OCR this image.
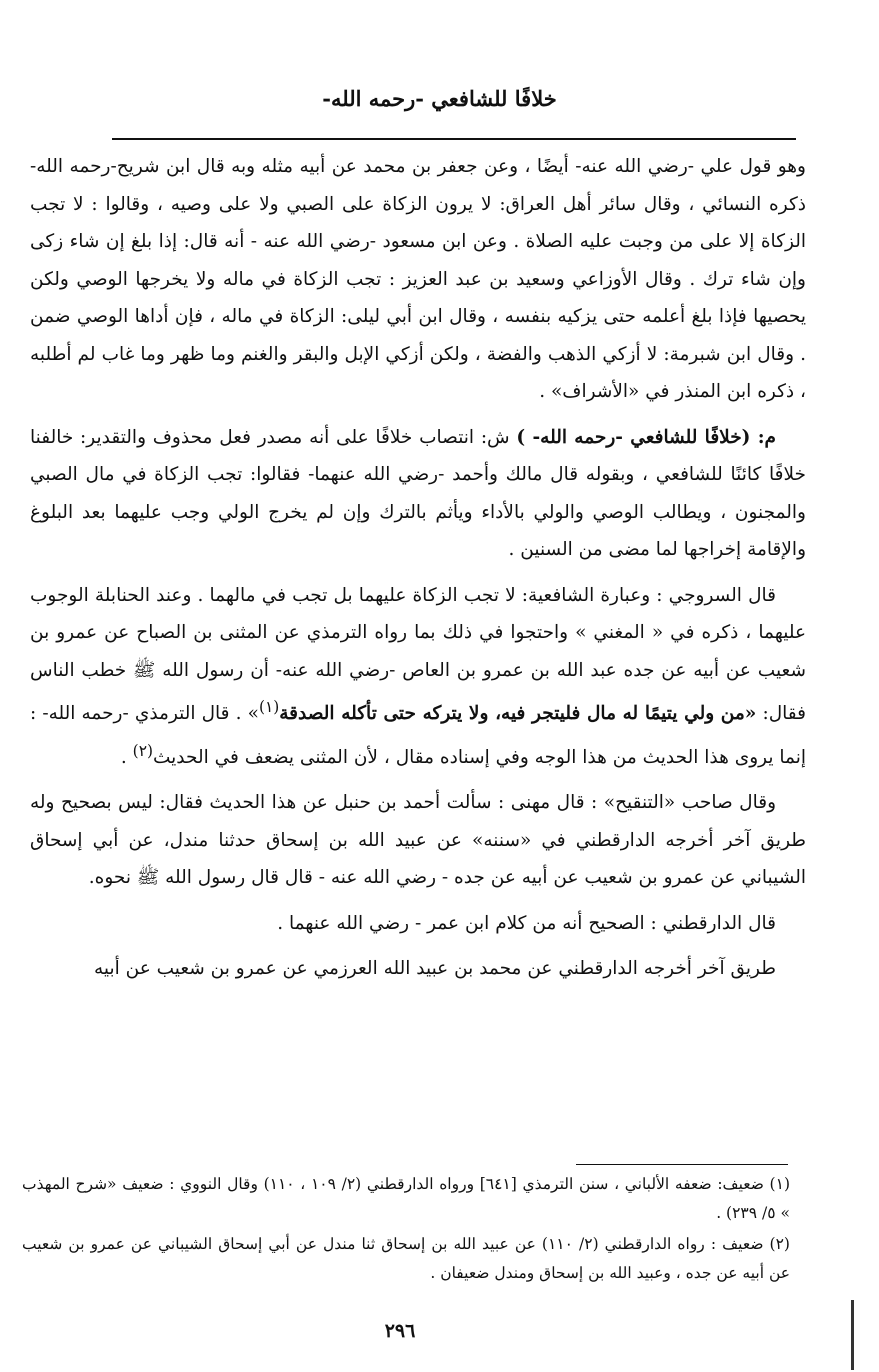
خلافًا للشافعي -رحمه الله-

وهو قول علي -رضي الله عنه- أيضًا ، وعن جعفر بن محمد عن أبيه مثله وبه قال ابن شريح-رحمه الله- ذكره النسائي ، وقال سائر أهل العراق: لا يرون الزكاة على الصبي ولا على وصيه ، وقالوا : لا تجب الزكاة إلا على من وجبت عليه الصلاة . وعن ابن مسعود -رضي الله عنه - أنه قال: إذا بلغ إن شاء زكى وإن شاء ترك . وقال الأوزاعي وسعيد بن عبد العزيز : تجب الزكاة في ماله ولا يخرجها الوصي ولكن يحصيها فإذا بلغ أعلمه حتى يزكيه بنفسه ، وقال ابن أبي ليلى: الزكاة في ماله ، فإن أداها الوصي ضمن . وقال ابن شبرمة: لا أزكي الذهب والفضة ، ولكن أزكي الإبل والبقر والغنم وما ظهر وما غاب لم أطلبه ، ذكره ابن المنذر في «الأشراف» .

م: (خلافًا للشافعي -رحمه الله- ) ش: انتصاب خلافًا على أنه مصدر فعل محذوف والتقدير: خالفنا خلافًا كائنًا للشافعي ، وبقوله قال مالك وأحمد -رضي الله عنهما- فقالوا: تجب الزكاة في مال الصبي والمجنون ، ويطالب الوصي والولي بالأداء ويأثم بالترك وإن لم يخرج الولي وجب عليهما بعد البلوغ والإقامة إخراجها لما مضى من السنين .

قال السروجي : وعبارة الشافعية: لا تجب الزكاة عليهما بل تجب في مالهما . وعند الحنابلة الوجوب عليهما ، ذكره في « المغني » واحتجوا في ذلك بما رواه الترمذي عن المثنى بن الصباح عن عمرو بن شعيب عن أبيه عن جده عبد الله بن عمرو بن العاص -رضي الله عنه- أن رسول الله ﷺ خطب الناس فقال: «من ولي يتيمًا له مال فليتجر فيه، ولا يتركه حتى تأكله الصدقة$^{(١)}$» . قال الترمذي -رحمه الله- : إنما يروى هذا الحديث من هذا الوجه وفي إسناده مقال ، لأن المثنى يضعف في الحديث$^{(٢)}$ .

وقال صاحب «التنقيح» : قال مهنى : سألت أحمد بن حنبل عن هذا الحديث فقال: ليس بصحيح وله طريق آخر أخرجه الدارقطني في «سننه» عن عبيد الله بن إسحاق حدثنا مندل، عن أبي إسحاق الشيباني عن عمرو بن شعيب عن أبيه عن جده - رضي الله عنه - قال قال رسول الله ﷺ نحوه.

قال الدارقطني : الصحيح أنه من كلام ابن عمر - رضي الله عنهما .

طريق آخر أخرجه الدارقطني عن محمد بن عبيد الله العرزمي عن عمرو بن شعيب عن أبيه

(١) ضعيف: ضعفه الألباني ، سنن الترمذي [٦٤١] ورواه الدارقطني (٢/ ١٠٩ ، ١١٠) وقال النووي : ضعيف «شرح المهذب » ٥/ ٢٣٩) .

(٢) ضعيف : رواه الدارقطني (٢/ ١١٠) عن عبيد الله بن إسحاق ثنا مندل عن أبي إسحاق الشيباني عن عمرو بن شعيب عن أبيه عن جده ، وعبيد الله بن إسحاق ومندل ضعيفان .

٢٩٦
